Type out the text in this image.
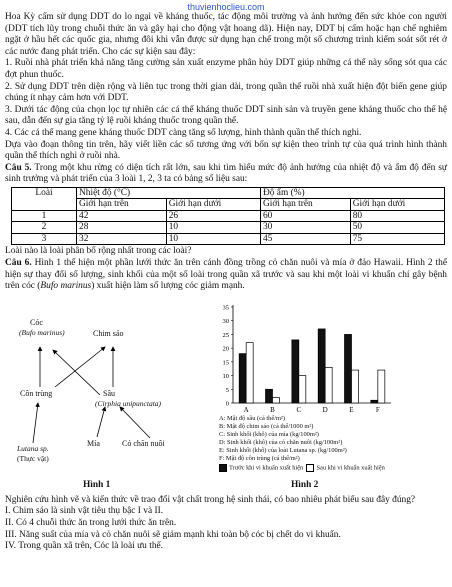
thuvienhoclieu.com

Hoa Kỳ cấm sử dụng DDT do lo ngại về kháng thuốc, tác động môi trường và ảnh hưởng đến sức khỏe con người (DDT tích lũy trong chuỗi thức ăn và gây hại cho động vật hoang dã). Hiện nay, DDT bị cấm hoặc hạn chế nghiêm ngặt ở hầu hết các quốc gia, nhưng đôi khi vẫn được sử dụng hạn chế trong một số chương trình kiểm soát sốt rét ở các nước đang phát triển. Cho các sự kiện sau đây:

1. Ruồi nhà phát triển khả năng tăng cường sản xuất enzyme phân hủy DDT giúp những cá thể này sống sót qua các đợt phun thuốc.

2. Sử dụng DDT trên diện rộng và liên tục trong thời gian dài, trong quần thể ruồi nhà xuất hiện đột biến gene giúp chúng ít nhạy cảm hơn với DDT.

3. Dưới tác động của chọn lọc tự nhiên các cá thể kháng thuốc DDT sinh sản và truyền gene kháng thuốc cho thế hệ sau, dẫn đến sự gia tăng tỷ lệ ruồi kháng thuốc trong quần thể.

4. Các cá thể mang gene kháng thuốc DDT càng tăng số lượng, hình thành quần thể thích nghi.

Dựa vào đoạn thông tin trên, hãy viết liền các số tương ứng với bốn sự kiện theo trình tự của quá trình hình thành quần thể thích nghi ở ruồi nhà.

Câu 5. Trong một khu rừng có diện tích rất lớn, sau khi tìm hiểu mức độ ảnh hưởng của nhiệt độ và ẩm độ đến sự sinh trưởng và phát triển của 3 loài 1, 2, 3 ta có bảng số liệu sau:

Loài	Nhiệt độ (°C)		Độ ẩm (%)	
	Giới hạn trên	Giới hạn dưới	Giới hạn trên	Giới hạn dưới
1	42	26	60	80
2	28	10	30	50
3	32	10	45	75

Loài nào là loài phân bố rộng nhất trong các loài?

Câu 6. Hình 1 thể hiện một phần lưới thức ăn trên cánh đồng trồng cỏ chăn nuôi và mía ở đảo Hawaii. Hình 2 thể hiện sự thay đổi số lượng, sinh khối của một số loài trong quần xã trước và sau khi một loài vi khuẩn chí gây bệnh trên cóc (Bufo marinus) xuất hiện làm số lượng cóc giảm mạnh.

Cóc
(Bufo marinus)	Chim sáo
Côn trùng	Sâu
(Cirphia unipunctata)
Lutana sp.
(Thực vật)
Mía	Cỏ chăn nuôi
Hình 1
0
5
10
15
20
25
30
35
A	B	C	D	E	F
A: Mật độ sâu (cá thể/m²)
B: Mật độ chim sáo (cá thể/1000 m²)
C: Sinh khối (khô) của mía (kg/100m²)
D: Sinh khối (khô) của cỏ chăn nuôi (kg/100m²)
E: Sinh khối (khô) của loài Lutana sp. (kg/100m²)
F: Mật độ côn trùng (cá thể/m²)
Trước khi vi khuẩn xuất hiện Sau khi vi khuẩn xuất hiện
Hình 2

Nghiên cứu hình vẽ và kiến thức về trao đổi vật chất trong hệ sinh thái, có bao nhiêu phát biểu sau đây đúng?

I. Chim sáo là sinh vật tiêu thụ bậc I và II.

II. Có 4 chuỗi thức ăn trong lưới thức ăn trên.

III. Năng suất của mía và cỏ chăn nuôi sẽ giảm mạnh khi toàn bộ cóc bị chết do vi khuẩn.

IV. Trong quần xã trên, Cóc là loài ưu thế.
